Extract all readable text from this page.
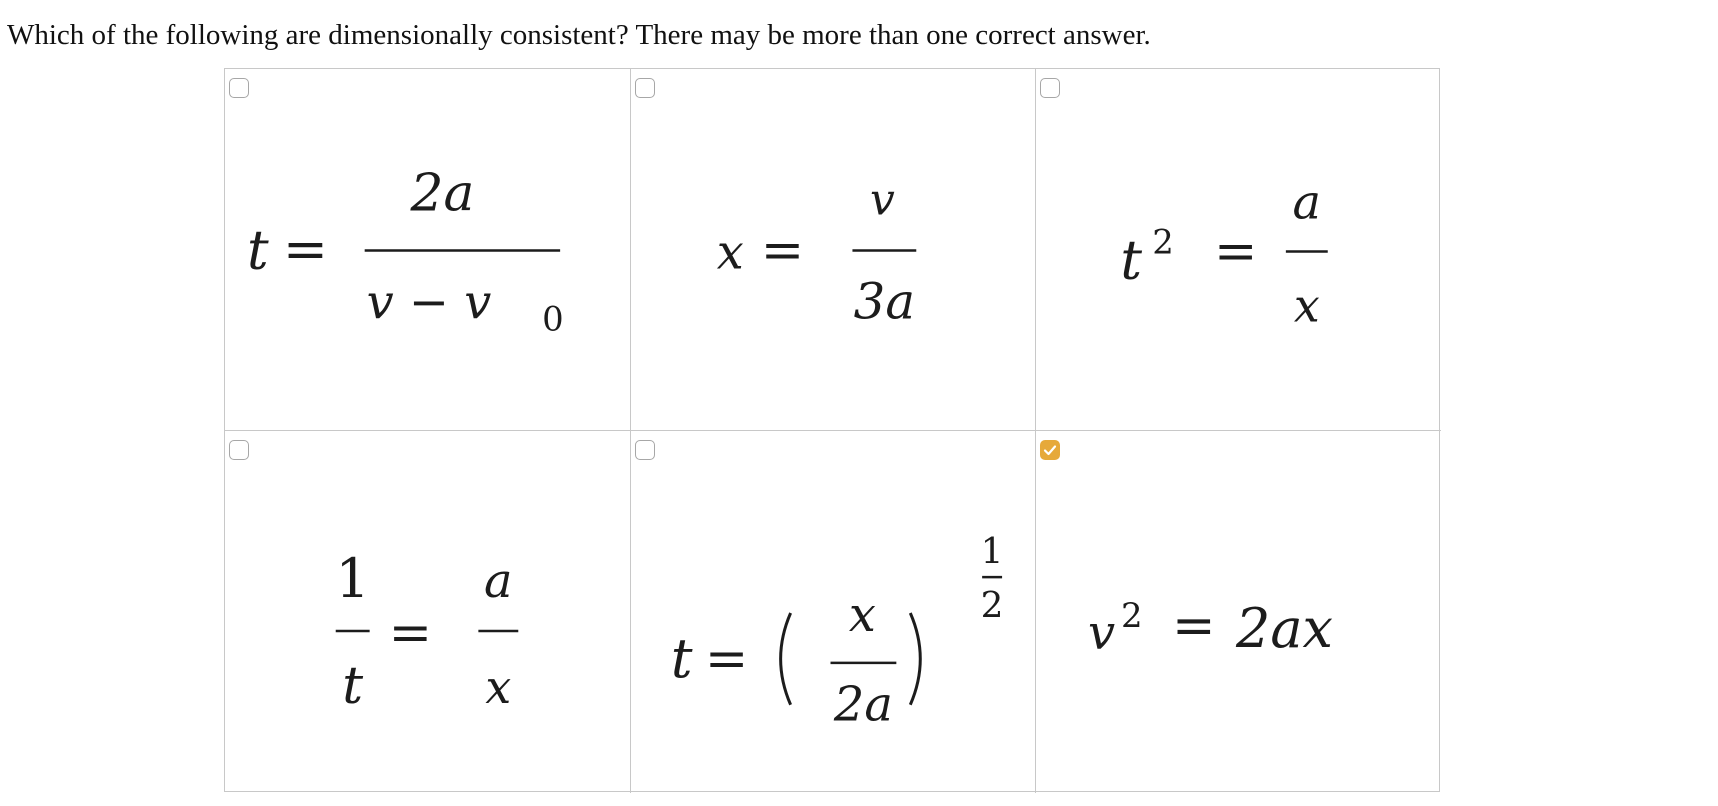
Which of the following are dimensionally consistent? There may be more than one correct answer.
t =
2a
v − v 0
x =
v
3a
t 2 =
a
x
1
t
=
a
x	t =
x
2a
1
2 v 2 = 2ax
